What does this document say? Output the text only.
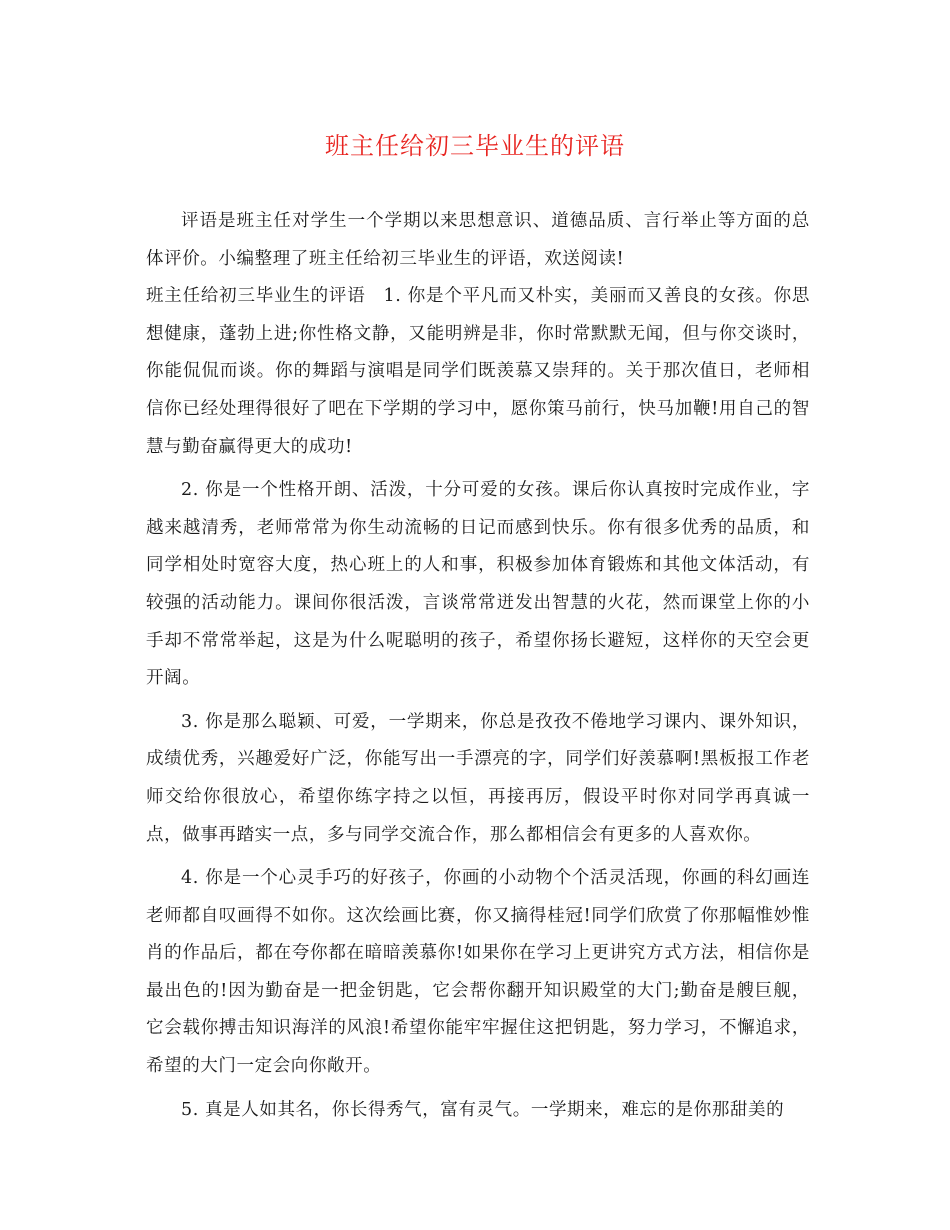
班主任给初三毕业生的评语

评语是班主任对学生一个学期以来思想意识、道德品质、言行举止等方面的总体评价。小编整理了班主任给初三毕业生的评语，欢送阅读!

班主任给初三毕业生的评语 1. 你是个平凡而又朴实，美丽而又善良的女孩。你思想健康，蓬勃上进;你性格文静，又能明辨是非，你时常默默无闻，但与你交谈时，你能侃侃而谈。你的舞蹈与演唱是同学们既羡慕又崇拜的。关于那次值日，老师相信你已经处理得很好了吧在下学期的学习中，愿你策马前行，快马加鞭!用自己的智慧与勤奋赢得更大的成功!

2. 你是一个性格开朗、活泼，十分可爱的女孩。课后你认真按时完成作业，字越来越清秀，老师常常为你生动流畅的日记而感到快乐。你有很多优秀的品质，和同学相处时宽容大度，热心班上的人和事，积极参加体育锻炼和其他文体活动，有较强的活动能力。课间你很活泼，言谈常常迸发出智慧的火花，然而课堂上你的小手却不常常举起，这是为什么呢聪明的孩子，希望你扬长避短，这样你的天空会更开阔。

3. 你是那么聪颖、可爱，一学期来，你总是孜孜不倦地学习课内、课外知识，成绩优秀，兴趣爱好广泛，你能写出一手漂亮的字，同学们好羡慕啊!黑板报工作老师交给你很放心，希望你练字持之以恒，再接再厉，假设平时你对同学再真诚一点，做事再踏实一点，多与同学交流合作，那么都相信会有更多的人喜欢你。

4. 你是一个心灵手巧的好孩子，你画的小动物个个活灵活现，你画的科幻画连老师都自叹画得不如你。这次绘画比赛，你又摘得桂冠!同学们欣赏了你那幅惟妙惟肖的作品后，都在夸你都在暗暗羡慕你!如果你在学习上更讲究方式方法，相信你是最出色的!因为勤奋是一把金钥匙，它会帮你翻开知识殿堂的大门;勤奋是艘巨舰，它会载你搏击知识海洋的风浪!希望你能牢牢握住这把钥匙，努力学习，不懈追求，希望的大门一定会向你敞开。

5. 真是人如其名，你长得秀气，富有灵气。一学期来，难忘的是你那甜美的
